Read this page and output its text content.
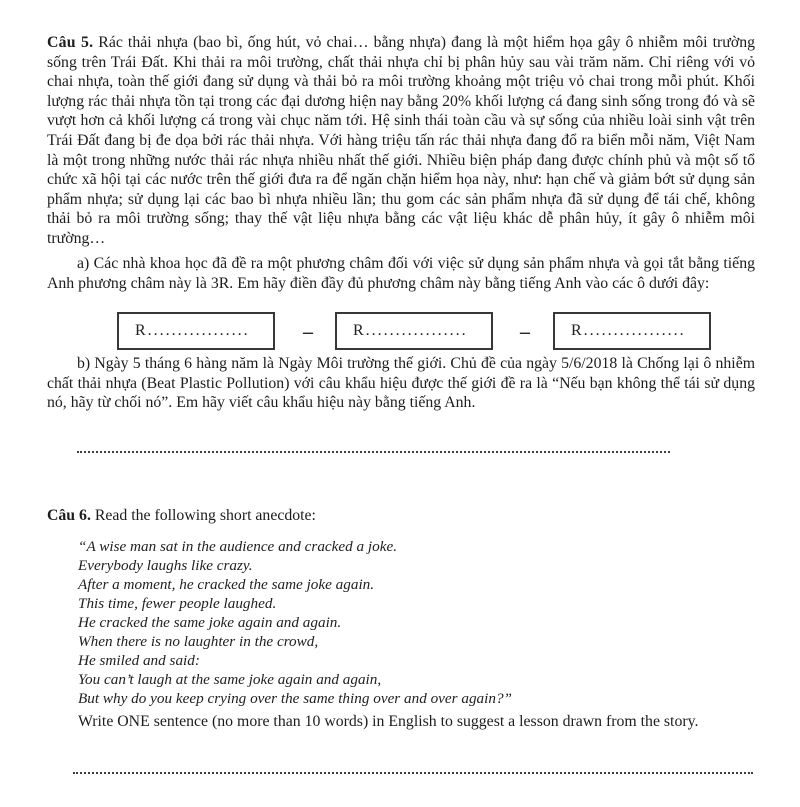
Câu 5. Rác thải nhựa (bao bì, ống hút, vỏ chai… bằng nhựa) đang là một hiểm họa gây ô nhiễm môi trường sống trên Trái Đất. Khi thải ra môi trường, chất thải nhựa chỉ bị phân hủy sau vài trăm năm. Chỉ riêng với vỏ chai nhựa, toàn thế giới đang sử dụng và thải bỏ ra môi trường khoảng một triệu vỏ chai trong mỗi phút. Khối lượng rác thải nhựa tồn tại trong các đại dương hiện nay bằng 20% khối lượng cá đang sinh sống trong đó và sẽ vượt hơn cả khối lượng cá trong vài chục năm tới. Hệ sinh thái toàn cầu và sự sống của nhiều loài sinh vật trên Trái Đất đang bị đe dọa bởi rác thải nhựa. Với hàng triệu tấn rác thải nhựa đang đổ ra biển mỗi năm, Việt Nam là một trong những nước thải rác nhựa nhiều nhất thế giới. Nhiều biện pháp đang được chính phủ và một số tổ chức xã hội tại các nước trên thế giới đưa ra để ngăn chặn hiểm họa này, như: hạn chế và giảm bớt sử dụng sản phẩm nhựa; sử dụng lại các bao bì nhựa nhiều lần; thu gom các sản phẩm nhựa đã sử dụng để tái chế, không thải bỏ ra môi trường sống; thay thế vật liệu nhựa bằng các vật liệu khác dễ phân hủy, ít gây ô nhiễm môi trường…
a) Các nhà khoa học đã đề ra một phương châm đối với việc sử dụng sản phẩm nhựa và gọi tắt bằng tiếng Anh phương châm này là 3R. Em hãy điền đầy đủ phương châm này bằng tiếng Anh vào các ô dưới đây:
R.................	–	R.................	–	R.................
b) Ngày 5 tháng 6 hàng năm là Ngày Môi trường thế giới. Chủ đề của ngày 5/6/2018 là Chống lại ô nhiễm chất thải nhựa (Beat Plastic Pollution) với câu khẩu hiệu được thế giới đề ra là “Nếu bạn không thể tái sử dụng nó, hãy từ chối nó”. Em hãy viết câu khẩu hiệu này bằng tiếng Anh.
Câu 6. Read the following short anecdote:
“A wise man sat in the audience and cracked a joke.
Everybody laughs like crazy.
After a moment, he cracked the same joke again.
This time, fewer people laughed.
He cracked the same joke again and again.
When there is no laughter in the crowd,
He smiled and said:
You can’t laugh at the same joke again and again,
But why do you keep crying over the same thing over and over again?”
Write ONE sentence (no more than 10 words) in English to suggest a lesson drawn from the story.
